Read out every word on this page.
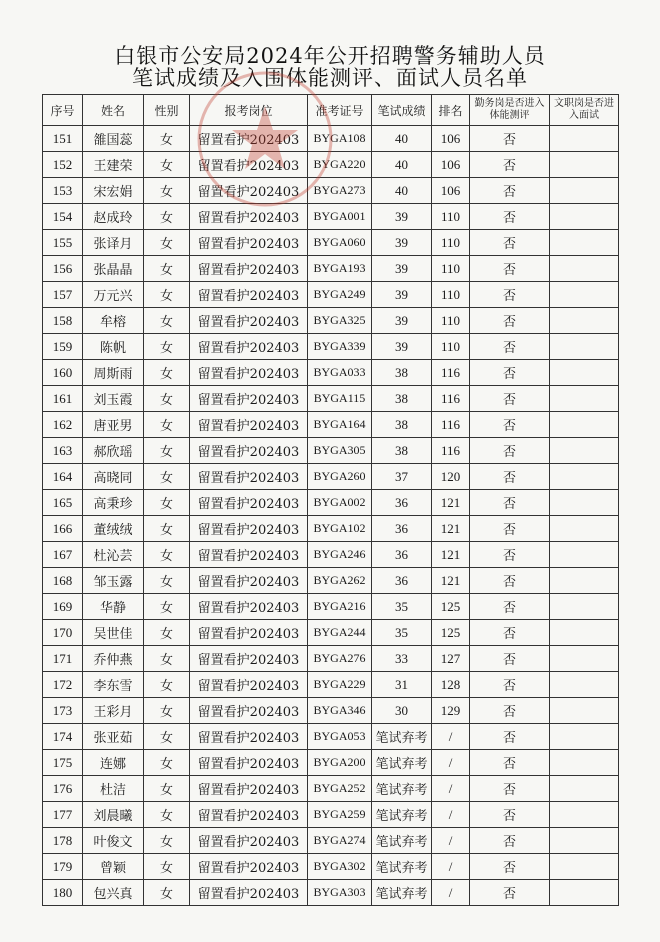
白银市公安局2024年公开招聘警务辅助人员
笔试成绩及入围体能测评、面试人员名单
序号	姓名	性别	报考岗位	准考证号	笔试成绩	排名	勤务岗是否进入体能测评	文职岗是否进入面试
151	雒国蕊	女	留置看护202403	BYGA108	40	106	否	
152	王建荣	女	留置看护202403	BYGA220	40	106	否	
153	宋宏娟	女	留置看护202403	BYGA273	40	106	否	
154	赵成玲	女	留置看护202403	BYGA001	39	110	否	
155	张译月	女	留置看护202403	BYGA060	39	110	否	
156	张晶晶	女	留置看护202403	BYGA193	39	110	否	
157	万元兴	女	留置看护202403	BYGA249	39	110	否	
158	牟榕	女	留置看护202403	BYGA325	39	110	否	
159	陈帆	女	留置看护202403	BYGA339	39	110	否	
160	周斯雨	女	留置看护202403	BYGA033	38	116	否	
161	刘玉霞	女	留置看护202403	BYGA115	38	116	否	
162	唐亚男	女	留置看护202403	BYGA164	38	116	否	
163	郝欣瑶	女	留置看护202403	BYGA305	38	116	否	
164	高晓同	女	留置看护202403	BYGA260	37	120	否	
165	高秉珍	女	留置看护202403	BYGA002	36	121	否	
166	董绒绒	女	留置看护202403	BYGA102	36	121	否	
167	杜沁芸	女	留置看护202403	BYGA246	36	121	否	
168	邹玉露	女	留置看护202403	BYGA262	36	121	否	
169	华静	女	留置看护202403	BYGA216	35	125	否	
170	吴世佳	女	留置看护202403	BYGA244	35	125	否	
171	乔仲燕	女	留置看护202403	BYGA276	33	127	否	
172	李东雪	女	留置看护202403	BYGA229	31	128	否	
173	王彩月	女	留置看护202403	BYGA346	30	129	否	
174	张亚茹	女	留置看护202403	BYGA053	笔试弃考	/	否	
175	连娜	女	留置看护202403	BYGA200	笔试弃考	/	否	
176	杜洁	女	留置看护202403	BYGA252	笔试弃考	/	否	
177	刘晨曦	女	留置看护202403	BYGA259	笔试弃考	/	否	
178	叶俊文	女	留置看护202403	BYGA274	笔试弃考	/	否	
179	曾颖	女	留置看护202403	BYGA302	笔试弃考	/	否	
180	包兴真	女	留置看护202403	BYGA303	笔试弃考	/	否	
